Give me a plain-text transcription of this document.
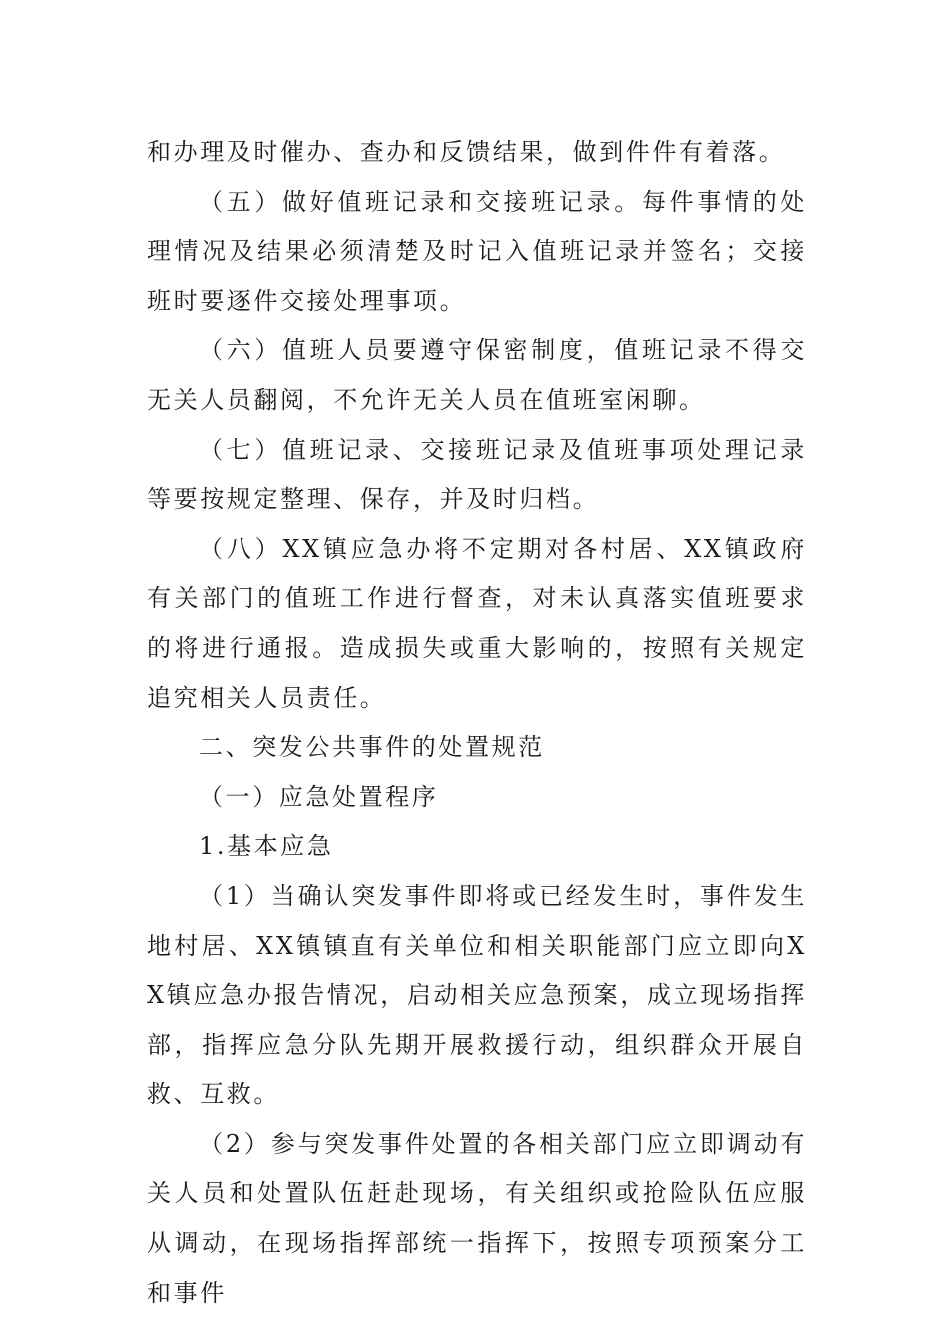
和办理及时催办、查办和反馈结果，做到件件有着落。

（五）做好值班记录和交接班记录。每件事情的处理情况及结果必须清楚及时记入值班记录并签名；交接班时要逐件交接处理事项。

（六）值班人员要遵守保密制度，值班记录不得交无关人员翻阅，不允许无关人员在值班室闲聊。

（七）值班记录、交接班记录及值班事项处理记录等要按规定整理、保存，并及时归档。

（八）XX镇应急办将不定期对各村居、XX镇政府有关部门的值班工作进行督查，对未认真落实值班要求的将进行通报。造成损失或重大影响的，按照有关规定追究相关人员责任。

二、突发公共事件的处置规范

（一）应急处置程序

1.基本应急

（1）当确认突发事件即将或已经发生时，事件发生地村居、XX镇镇直有关单位和相关职能部门应立即向XX镇应急办报告情况，启动相关应急预案，成立现场指挥部，指挥应急分队先期开展救援行动，组织群众开展自救、互救。

（2）参与突发事件处置的各相关部门应立即调动有关人员和处置队伍赶赴现场，有关组织或抢险队伍应服从调动，在现场指挥部统一指挥下，按照专项预案分工和事件
